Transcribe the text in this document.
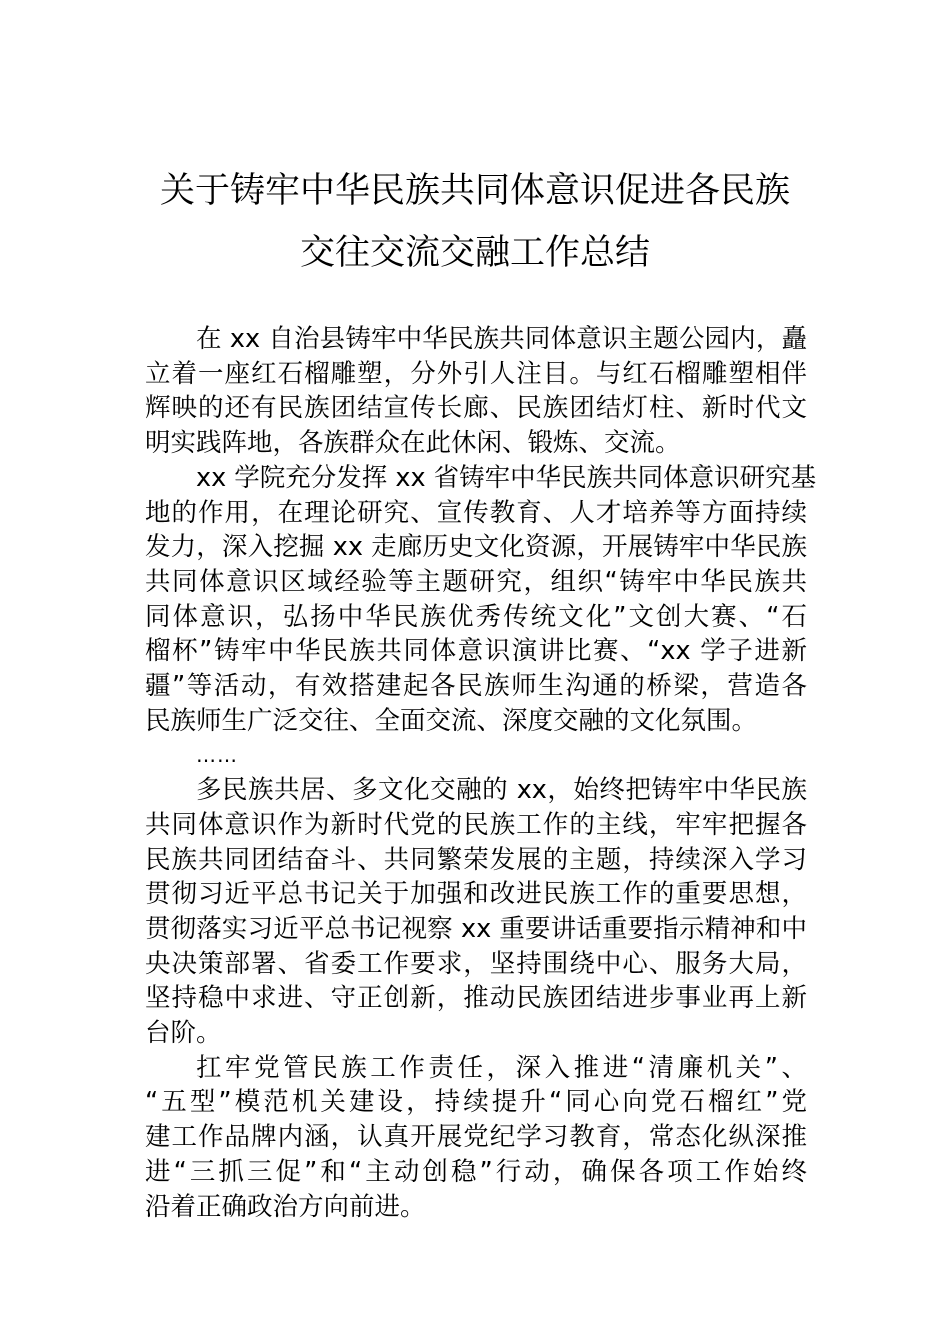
关于铸牢中华民族共同体意识促进各民族
交往交流交融工作总结

在 xx 自治县铸牢中华民族共同体意识主题公园内，矗
立着一座红石榴雕塑，分外引人注目。与红石榴雕塑相伴
辉映的还有民族团结宣传长廊、民族团结灯柱、新时代文
明实践阵地，各族群众在此休闲、锻炼、交流。

xx 学院充分发挥 xx 省铸牢中华民族共同体意识研究基
地的作用，在理论研究、宣传教育、人才培养等方面持续
发力，深入挖掘 xx 走廊历史文化资源，开展铸牢中华民族
共同体意识区域经验等主题研究，组织“铸牢中华民族共
同体意识，弘扬中华民族优秀传统文化”文创大赛、“石
榴杯”铸牢中华民族共同体意识演讲比赛、“xx 学子进新
疆”等活动，有效搭建起各民族师生沟通的桥梁，营造各
民族师生广泛交往、全面交流、深度交融的文化氛围。

……

多民族共居、多文化交融的 xx，始终把铸牢中华民族
共同体意识作为新时代党的民族工作的主线，牢牢把握各
民族共同团结奋斗、共同繁荣发展的主题，持续深入学习
贯彻习近平总书记关于加强和改进民族工作的重要思想，
贯彻落实习近平总书记视察 xx 重要讲话重要指示精神和中
央决策部署、省委工作要求，坚持围绕中心、服务大局，
坚持稳中求进、守正创新，推动民族团结进步事业再上新
台阶。

扛牢党管民族工作责任，深入推进“清廉机关”、
“五型”模范机关建设，持续提升“同心向党石榴红”党
建工作品牌内涵，认真开展党纪学习教育，常态化纵深推
进“三抓三促”和“主动创稳”行动，确保各项工作始终
沿着正确政治方向前进。
